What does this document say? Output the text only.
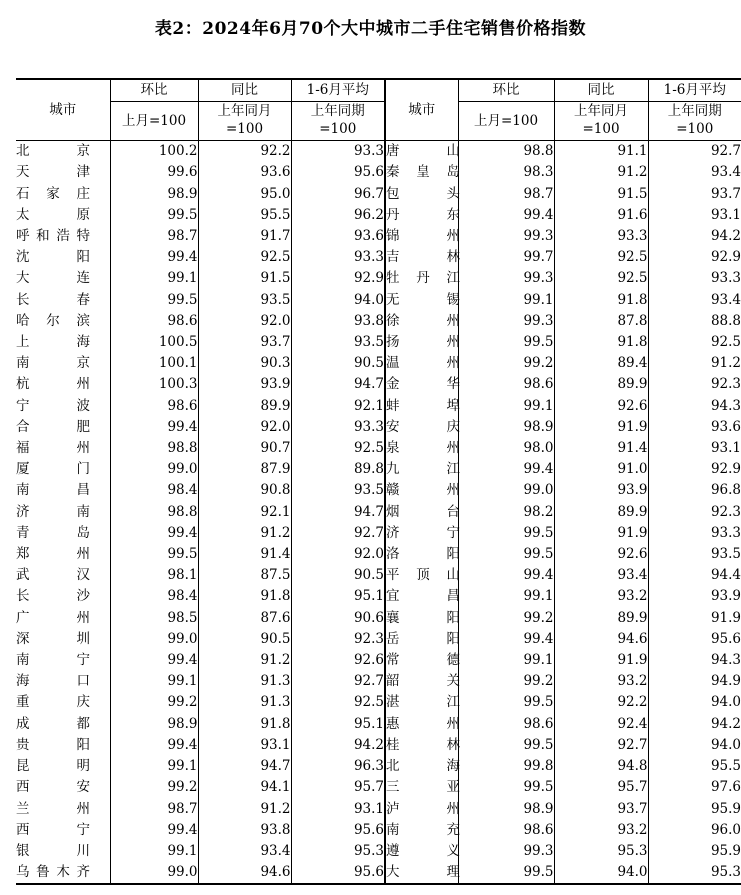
表2：2024年6月70个大中城市二手住宅销售价格指数
城市	环比	同比	1-6月平均	城市	环比	同比	1-6月平均
	上月=100	上年同月=100	上年同期=100		上月=100	上年同月=100	上年同期=100

北 京	100.2	92.2	93.3	唐 山	98.8	91.1	92.7

天 津	99.6	93.6	95.6	秦 皇 岛	98.3	91.2	93.4

石 家 庄	98.9	95.0	96.7	包 头	98.7	91.5	93.7

太 原	99.5	95.5	96.2	丹 东	99.4	91.6	93.1

呼 和 浩 特	98.7	91.7	93.6	锦 州	99.3	93.3	94.2

沈 阳	99.4	92.5	93.3	吉 林	99.7	92.5	92.9

大 连	99.1	91.5	92.9	牡 丹 江	99.3	92.5	93.3

长 春	99.5	93.5	94.0	无 锡	99.1	91.8	93.4

哈 尔 滨	98.6	92.0	93.8	徐 州	99.3	87.8	88.8

上 海	100.5	93.7	93.5	扬 州	99.5	91.8	92.5

南 京	100.1	90.3	90.5	温 州	99.2	89.4	91.2

杭 州	100.3	93.9	94.7	金 华	98.6	89.9	92.3

宁 波	98.6	89.9	92.1	蚌 埠	99.1	92.6	94.3

合 肥	99.4	92.0	93.3	安 庆	98.9	91.9	93.6

福 州	98.8	90.7	92.5	泉 州	98.0	91.4	93.1

厦 门	99.0	87.9	89.8	九 江	99.4	91.0	92.9

南 昌	98.4	90.8	93.5	赣 州	99.0	93.9	96.8

济 南	98.8	92.1	94.7	烟 台	98.2	89.9	92.3

青 岛	99.4	91.2	92.7	济 宁	99.5	91.9	93.3

郑 州	99.5	91.4	92.0	洛 阳	99.5	92.6	93.5

武 汉	98.1	87.5	90.5	平 顶 山	99.4	93.4	94.4

长 沙	98.4	91.8	95.1	宜 昌	99.1	93.2	93.9

广 州	98.5	87.6	90.6	襄 阳	99.2	89.9	91.9

深 圳	99.0	90.5	92.3	岳 阳	99.4	94.6	95.6

南 宁	99.4	91.2	92.6	常 德	99.1	91.9	94.3

海 口	99.1	91.3	92.7	韶 关	99.2	93.2	94.9

重 庆	99.2	91.3	92.5	湛 江	99.5	92.2	94.0

成 都	98.9	91.8	95.1	惠 州	98.6	92.4	94.2

贵 阳	99.4	93.1	94.2	桂 林	99.5	92.7	94.0

昆 明	99.1	94.7	96.3	北 海	99.8	94.8	95.5

西 安	99.2	94.1	95.7	三 亚	99.5	95.7	97.6

兰 州	98.7	91.2	93.1	泸 州	98.9	93.7	95.9

西 宁	99.4	93.8	95.6	南 充	98.6	93.2	96.0

银 川	99.1	93.4	95.3	遵 义	99.3	95.3	95.9

乌 鲁 木 齐	99.0	94.6	95.6	大 理	99.5	94.0	95.3
